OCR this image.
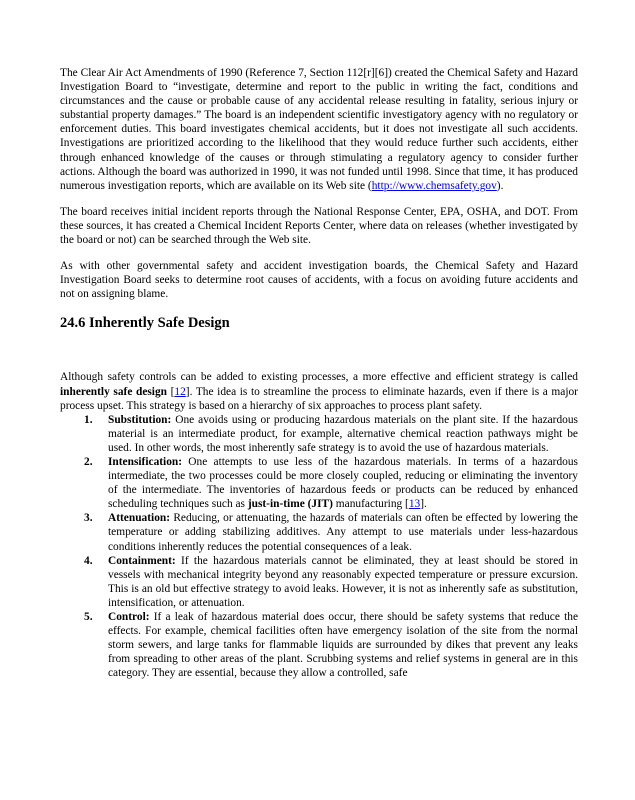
The Clear Air Act Amendments of 1990 (Reference 7, Section 112[r][6]) created the Chemical Safety and Hazard Investigation Board to “investigate, determine and report to the public in writing the fact, conditions and circumstances and the cause or probable cause of any accidental release resulting in fatality, serious injury or substantial property damages.” The board is an independent scientific investigatory agency with no regulatory or enforcement duties. This board investigates chemical accidents, but it does not investigate all such accidents. Investigations are prioritized according to the likelihood that they would reduce further such accidents, either through enhanced knowledge of the causes or through stimulating a regulatory agency to consider further actions. Although the board was authorized in 1990, it was not funded until 1998. Since that time, it has produced numerous investigation reports, which are available on its Web site (http://www.chemsafety.gov).

The board receives initial incident reports through the National Response Center, EPA, OSHA, and DOT. From these sources, it has created a Chemical Incident Reports Center, where data on releases (whether investigated by the board or not) can be searched through the Web site.

As with other governmental safety and accident investigation boards, the Chemical Safety and Hazard Investigation Board seeks to determine root causes of accidents, with a focus on avoiding future accidents and not on assigning blame.

24.6 Inherently Safe Design

Although safety controls can be added to existing processes, a more effective and efficient strategy is called inherently safe design [12]. The idea is to streamline the process to eliminate hazards, even if there is a major process upset. This strategy is based on a hierarchy of six approaches to process plant safety.

1. Substitution: One avoids using or producing hazardous materials on the plant site. If the hazardous material is an intermediate product, for example, alternative chemical reaction pathways might be used. In other words, the most inherently safe strategy is to avoid the use of hazardous materials.
2. Intensification: One attempts to use less of the hazardous materials. In terms of a hazardous intermediate, the two processes could be more closely coupled, reducing or eliminating the inventory of the intermediate. The inventories of hazardous feeds or products can be reduced by enhanced scheduling techniques such as just-in-time (JIT) manufacturing [13].
3. Attenuation: Reducing, or attenuating, the hazards of materials can often be effected by lowering the temperature or adding stabilizing additives. Any attempt to use materials under less-hazardous conditions inherently reduces the potential consequences of a leak.
4. Containment: If the hazardous materials cannot be eliminated, they at least should be stored in vessels with mechanical integrity beyond any reasonably expected temperature or pressure excursion. This is an old but effective strategy to avoid leaks. However, it is not as inherently safe as substitution, intensification, or attenuation.
5. Control: If a leak of hazardous material does occur, there should be safety systems that reduce the effects. For example, chemical facilities often have emergency isolation of the site from the normal storm sewers, and large tanks for flammable liquids are surrounded by dikes that prevent any leaks from spreading to other areas of the plant. Scrubbing systems and relief systems in general are in this category. They are essential, because they allow a controlled, safe
